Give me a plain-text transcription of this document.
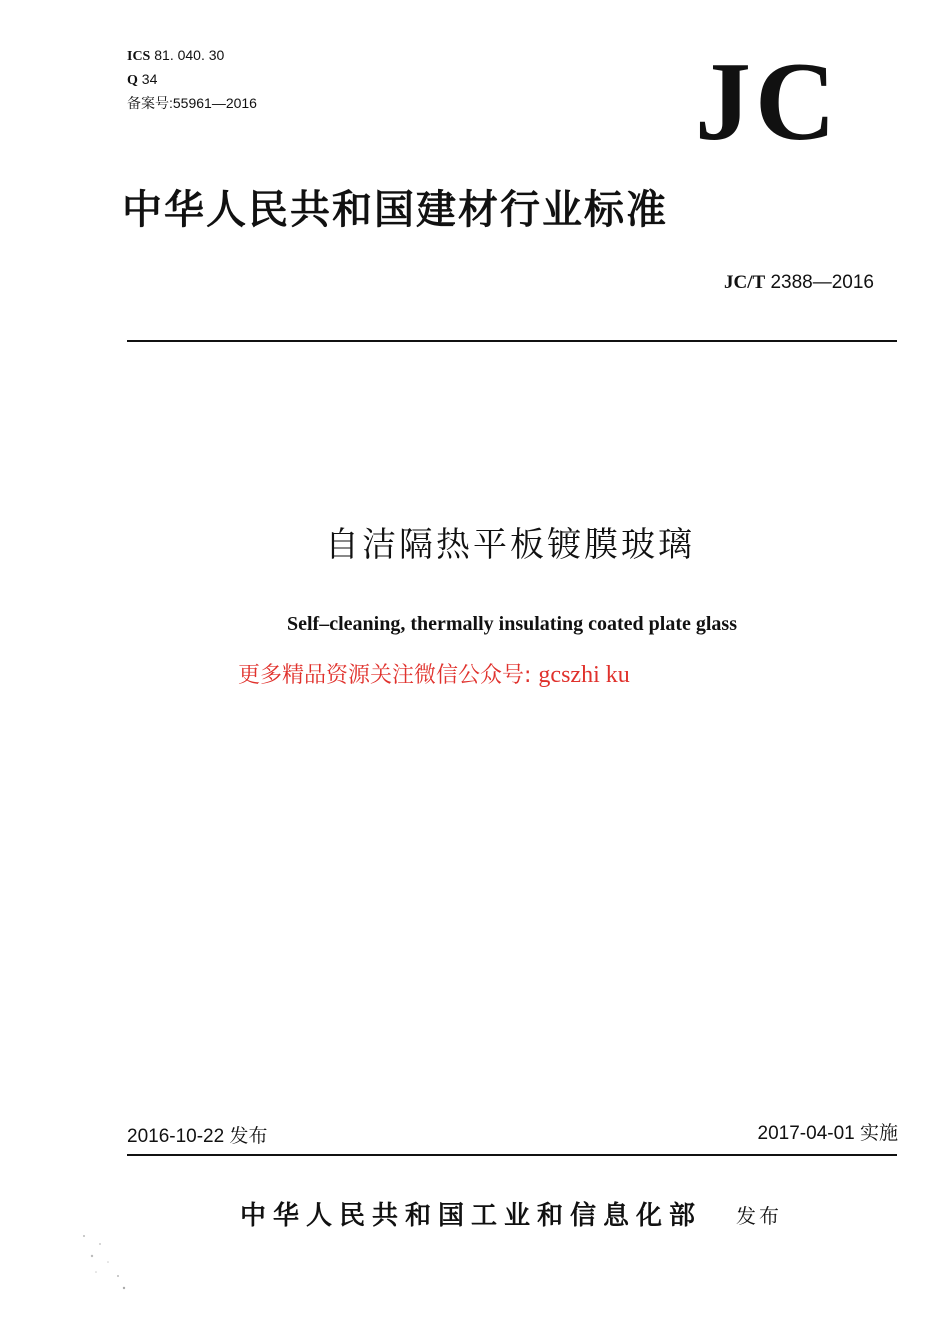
ICS 81. 040. 30
Q 34
备案号:55961—2016	JC
中华人民共和国建材行业标准
JC/T 2388—2016
自洁隔热平板镀膜玻璃
Self–cleaning, thermally insulating coated plate glass
更多精品资源关注微信公众号: gcszhi ku
2016-10-22 发布	2017-04-01 实施
中华人民共和国工业和信息化部 发布
